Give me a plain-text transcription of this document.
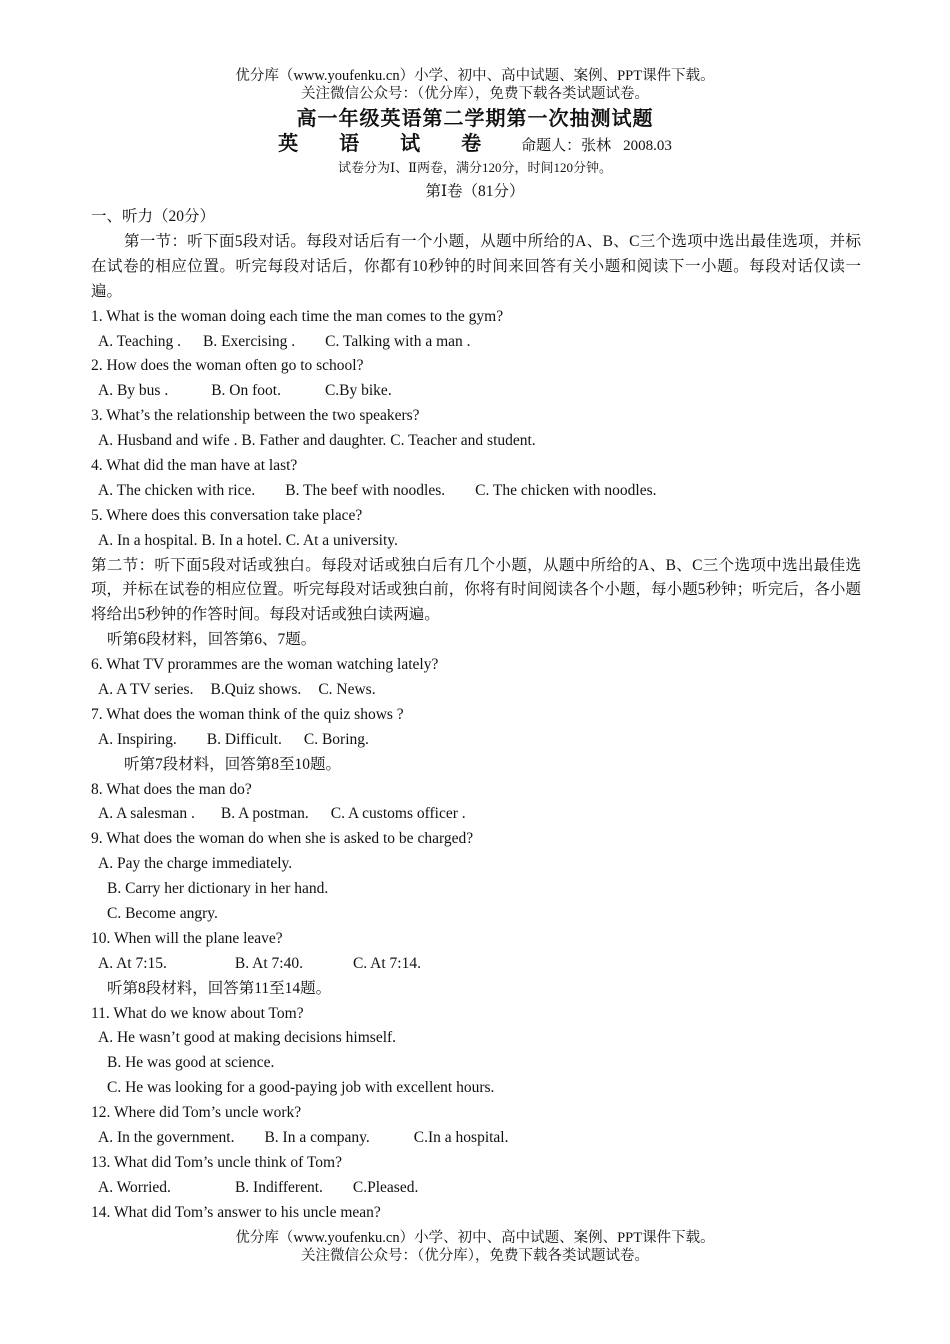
优分库（www.youfenku.cn）小学、初中、高中试题、案例、PPT课件下载。
关注微信公众号：（优分库），免费下载各类试题试卷。
高一年级英语第二学期第一次抽测试题
英 语 试 卷 命题人：张林 2008.03
试卷分为Ⅰ、Ⅱ两卷，满分120分，时间120分钟。
第Ⅰ卷（81分）
一、听力（20分）
第一节：听下面5段对话。每段对话后有一个小题，从题中所给的A、B、C三个选项中选出最佳选项，并标在试卷的相应位置。听完每段对话后，你都有10秒钟的时间来回答有关小题和阅读下一小题。每段对话仅读一遍。
1. What is the woman doing each time the man comes to the gym?
A. Teaching . B. Exercising . C. Talking with a man .
2. How does the woman often go to school?
A. By bus .	B. On foot.	C.By bike.
3. What’s the relationship between the two speakers?
A. Husband and wife . B. Father and daughter. C. Teacher and student.
4. What did the man have at last?
A. The chicken with rice. B. The beef with noodles. C. The chicken with noodles.
5. Where does this conversation take place?
A. In a hospital. B. In a hotel. C. At a university.
第二节：听下面5段对话或独白。每段对话或独白后有几个小题，从题中所给的A、B、C三个选项中选出最佳选项，并标在试卷的相应位置。听完每段对话或独白前，你将有时间阅读各个小题，每小题5秒钟；听完后，各小题将给出5秒钟的作答时间。每段对话或独白读两遍。
听第6段材料，回答第6、7题。
6. What TV prorammes are the woman watching lately?
A. A TV series. B.Quiz shows. C. News.
7. What does the woman think of the quiz shows ?
A. Inspiring. B. Difficult. C. Boring.
听第7段材料，回答第8至10题。
8. What does the man do?
A. A salesman . B. A postman. C. A customs officer .
9. What does the woman do when she is asked to be charged?
A. Pay the charge immediately.
B. Carry her dictionary in her hand.
C. Become angry.
10. When will the plane leave?
A. At 7:15.	B. At 7:40.	C. At 7:14.
听第8段材料，回答第11至14题。
11. What do we know about Tom?
A. He wasn’t good at making decisions himself.
B. He was good at science.
C. He was looking for a good-paying job with excellent hours.
12. Where did Tom’s uncle work?
A. In the government. B. In a company.	C.In a hospital.
13. What did Tom’s uncle think of Tom?
A. Worried.	B. Indifferent. C.Pleased.
14. What did Tom’s answer to his uncle mean?
优分库（www.youfenku.cn）小学、初中、高中试题、案例、PPT课件下载。
关注微信公众号：（优分库），免费下载各类试题试卷。
